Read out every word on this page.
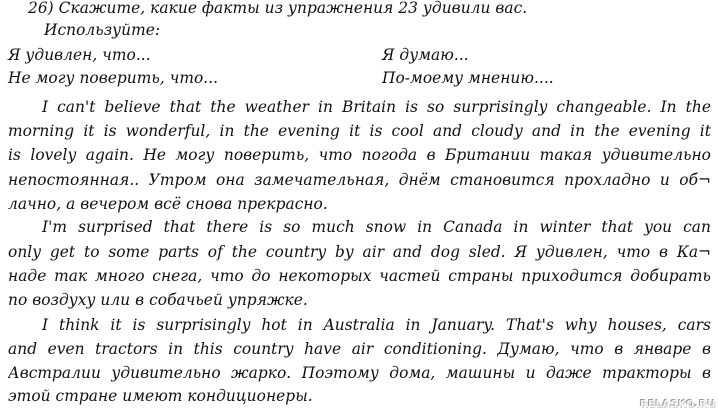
26) Скажите, какие факты из упражнения 23 удивили вас.
Используйте:
Я удивлен, что...	Я думаю...
Не могу поверить, что...	По-моему мнению....
I can't believe that the weather in Britain is so surprisingly changeable. In the
morning it is wonderful, in the evening it is cool and cloudy and in the evening it
is lovely again. Не могу поверить, что погода в Британии такая удивительно
непостоянная.. Утром она замечательная, днём становится прохладно и об¬
лачно, а вечером всё снова прекрасно.
I'm surprised that there is so much snow in Canada in winter that you can
only get to some parts of the country by air and dog sled. Я удивлен, что в Ка¬
наде так много снега, что до некоторых частей страны приходится добирать
по воздуху или в собачьей упряжке.
I think it is surprisingly hot in Australia in January. That's why houses, cars
and even tractors in this country have air conditioning. Думаю, что в январе в
Австралии удивительно жарко. Поэтому дома, машины и даже тракторы в
этой стране имеют кондиционеры.	RELASKO.RU
